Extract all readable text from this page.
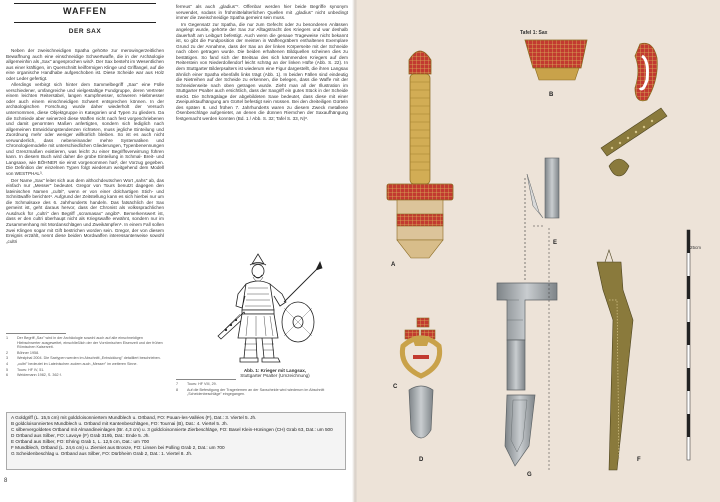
WAFFEN
DER SAX

Neben der zweischneidigen Spatha gehörte zur merowingerzeitlichen Bewaffnung auch eine einschneidige Schwertwaffe, die in der Archäologie allgemeinhin als „Sax" angesprochen wird¹. Der Sax besteht im Wesentlichen aus einer kräftigen, im Querschnitt keilförmigen Klinge und Griffangel, auf die eine organische Handhabe aufgeschoben ist. Diese Scheide war aus Holz oder Leder gefertigt.

Allerdings verbirgt sich hinter dem Sammelbegriff „Sax" eine Fülle verschiedener, umfangreiche und vielgestaltige Fundgruppe, deren Vertreter einem leichten Reitersäbel, langen Kampfmesser, schweren Hiebmesser oder auch einem einschneidigen Schwert entsprechen können. In der archäologischen Forschung wurde daher wiederholt der Versuch unternommen, diese Objektgruppe in Kategorien und Typen zu gliedern. Da die Schmiede aber seinerzeit diese Waffen nicht nach fest vorgeschriebenen und damit genormten Maßen anfertigten, sondern sich lediglich nach allgemeinen Entwicklungstendenzen richteten, muss jegliche Einteilung und Zuordnung mehr oder weniger willkürlich bleiben. So ist es auch nicht verwunderlich, dass nebeneinander mehre Systematiken und Chronologiemodelle mit unterschiedlichen Gliederungen, Typenbenennungen und Grenzmaßen existieren, was leicht zu einer Begriffsverwirrung führen kann. In diesem Buch wird daher die grobe Einteilung in Schmal- Breit- und Langsaxe, wie BÖHNER sie einst vorgenommen hat², der Vorzug gegeben. Die Definition der einzelnen Typen folgt wiederum weitgehend dem Modell von WESTPHAL³.

Der Name „Sax" leitet sich aus dem althochdeutschen Wort „sahs" ab, das einfach nur „Messer" bedeutet. Gregor von Tours benutzt dagegen den lateinischen Namen „cultri", wenn er von einer dolchartigen Stich- und Schnittwaffe berichtet⁴. Aufgrund der Zeitstellung kann es sich hierbei nur um die Schmalsaxe des 6. Jahrhunderts handeln. Das fatsächlich der Sax gemeint ist, geht daraus hervor, dass der Chronist als volkssprachlichen Ausdruck für „cultri" den Begriff „scramasax" angibt⁵. Bemerkenswert ist, dass er den cultri überhaupt nicht als Kriegswaffe erwähnt, sondern nur im Zusammenhang mit Mordanschlägen und Zweikämpfen⁶. In einem Fall sollen zwei Klingen sogar mit Gift bestrichen worden sein. Gregor, der von diesem Ereignis erzählt, nennt diese beiden Mordwaffen interessanterweise sowohl „cultri

1	Der Begriff „Sax" wird in der Archäologie sowohl auch auf alle einschneidigen Hiebschwerter ausgeweitet, einschließlich der der Vorrömischen Eisenzeit und der frühen Römischen Kaiserzeit.
2	Böhner 1958.
3	Westphal 2004. Die Saxtypen werden im Abschnitt „Entwicklung" detailliert beschrieben.
4	„cultri" bedeutet im Lateinischen zudem auch „Messer" im weiteren Sinne.
5	Tours: HF IV, 51.
6	Weidemann 1982, S. 362 f.

ferreus" als auch „gladius"⁷. Offenbar werden hier beide Begriffe synonym verwendet, sodass in frühmittelalterlichen Quellen mit „gladius" nicht unbedingt immer die zweischneidige Spatha gemeint sein muss.

Im Gegensatz zur Spatha, die nur zum Gefecht oder zu besonderen Anlässen angelegt wurde, gehörte der Sax zur Alltagstracht des Kriegers und war deshalb dauerhaft am Leibgurt befestigt. Auch wenn die genaue Trageweise nicht bekannt ist, so gibt die Fundposition der meisten in Waffengräbern enthaltenen Exemplare Grund zu der Annahme, dass der Sax an der linken Körperseite mit der Schneide nach oben getragen wurde. Die beiden erhaltenen Bildquellen scheinen dies zu bestätigen. So fand sich der Breitsax des sich kämmenden Kriegers auf dem Reiterstein von Niederdollendorf leicht schräg an der linken Hüfte (Abb. S. 22). In dem Stuttgarter Bilderpsalters ist wiederum eine Figur dargestellt, die ihren Langsax ähnlich einer Spatha ebenfalls links trägt (Abb. 1). In beiden Fällen sind eindeutig die Nietreihen auf der Scheide zu erkennen, die belegen, dass die Waffe mit der Schneidenseite nach oben getragen wurde. Zieht man all der Illustration im Stuttgarter Psalter auch ersichtlich, dass der Saxgriff ein gutes Stück in der Scheide steckt. Die Schrägälage der abgebildeten Saxe bedeutet, dass diese mit einer Zweipunktaufhängung am Gürtel befestigt sein müssen. Bei den dreiteiligen Gürteln des späten 6. und frühen 7. Jahrhunderts waren zu diesem Zweck metallene Ösenbeschläge aufgenietet, an denen die dünnen Riemchen der Saxaufhängung festgemacht werden konnten (Bd. 1 / Abb. S. 32; Tafel S. 33, N)⁸.

Abb. 1: Krieger mit Langsax,
Stuttgarter Psalter (Umzeichnung)
7	Tours: HF VIII, 29.
8	Auf die Befestigung der Trageriemen an der Saxscheide wird wiederum im Abschnitt „Scheidenbeschläge" eingegangen.
A Goldgriff (L. 15,5 cm) mit goldcloisonniertem Mundblech u. Ortband, FO: Pouan-les-Vallées (F), Dat.: 3. Viertel 5. Jh.
B goldcloisonniertes Mundblech u. Ortband mit Kantenbeschlägen, FO: Tournai (B), Dat.: 4. Viertel 5. Jh.
C silbervergoldetes Ortband mit Almandineinlagen (Br. 4,3 cm) u. 3 goldcloisonnierte Zierbeschläge, FO: Basel Klein-Hüningen (CH) Grab 63, Dat.: um 500
D Ortband aus Silber, FO: Lavoye (F) Grab 319b, Dat.: Ende 5. Jh.
E Ortband aus Silber, FO: Ehring Grab 1, L. 12,5 cm, Dat.: um 700
F Mundblech, Ortband (L. 24,6 cm) u. Zierniet aus Bronze, FO: Linsen bei Polling Grab 2, Dat.: um 700
G Scheidenbeschlag u. Ortband aus Silber, FO: Dürbheim Grab 2, Dat.: 1. Viertel 8. Jh.
8
Tafel 1: Sax
A
B
C
D
E
F
G
25cm
